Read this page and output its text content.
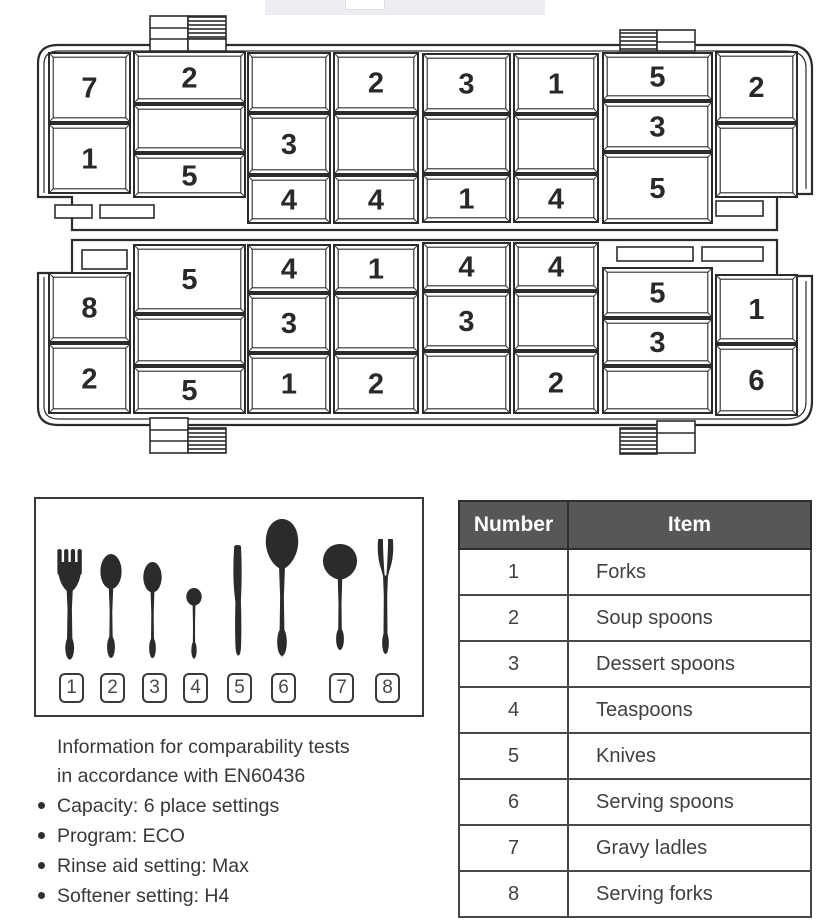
7
1
2
5
3
4
2
4
3
1
1
4
5
3
5
2
8
2
5
5
4
3
1
1
2
4
3
4
2
5
3
1
6
1	2	3	4	5	6	7	8
Information for comparability tests
in accordance with EN60436
Capacity: 6 place settings
Program: ECO
Rinse aid setting: Max
Softener setting: H4
Number	Item
1	Forks
2	Soup spoons
3	Dessert spoons
4	Teaspoons
5	Knives
6	Serving spoons
7	Gravy ladles
8	Serving forks
